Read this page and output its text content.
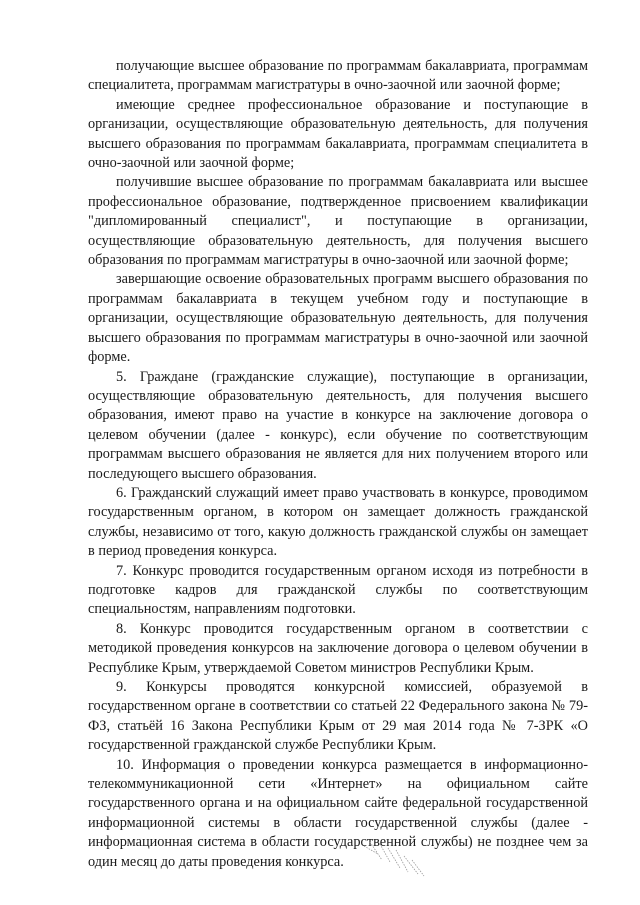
получающие высшее образование по программам бакалавриата, программам специалитета, программам магистратуры в очно-заочной или заочной форме;

имеющие среднее профессиональное образование и поступающие в организации, осуществляющие образовательную деятельность, для получения высшего образования по программам бакалавриата, программам специалитета в очно-заочной или заочной форме;

получившие высшее образование по программам бакалавриата или высшее профессиональное образование, подтвержденное присвоением квалификации "дипломированный специалист", и поступающие в организации, осуществляющие образовательную деятельность, для получения высшего образования по программам магистратуры в очно-заочной или заочной форме;

завершающие освоение образовательных программ высшего образования по программам бакалавриата в текущем учебном году и поступающие в организации, осуществляющие образовательную деятельность, для получения высшего образования по программам магистратуры в очно-заочной или заочной форме.

5. Граждане (гражданские служащие), поступающие в организации, осуществляющие образовательную деятельность, для получения высшего образования, имеют право на участие в конкурсе на заключение договора о целевом обучении (далее - конкурс), если обучение по соответствующим программам высшего образования не является для них получением второго или последующего высшего образования.

6. Гражданский служащий имеет право участвовать в конкурсе, проводимом государственным органом, в котором он замещает должность гражданской службы, независимо от того, какую должность гражданской службы он замещает в период проведения конкурса.

7. Конкурс проводится государственным органом исходя из потребности в подготовке кадров для гражданской службы по соответствующим специальностям, направлениям подготовки.

8. Конкурс проводится государственным органом в соответствии с методикой проведения конкурсов на заключение договора о целевом обучении в Республике Крым, утверждаемой Советом министров Республики Крым.

9. Конкурсы проводятся конкурсной комиссией, образуемой в государственном органе в соответствии со статьей 22 Федерального закона № 79-ФЗ, статьёй 16 Закона Республики Крым от 29 мая 2014 года № 7-ЗРК «О государственной гражданской службе Республики Крым.

10. Информация о проведении конкурса размещается в информационно-телекоммуникационной сети «Интернет» на официальном сайте государственного органа и на официальном сайте федеральной государственной информационной системы в области государственной службы (далее - информационная система в области государственной службы) не позднее чем за один месяц до даты проведения конкурса.
